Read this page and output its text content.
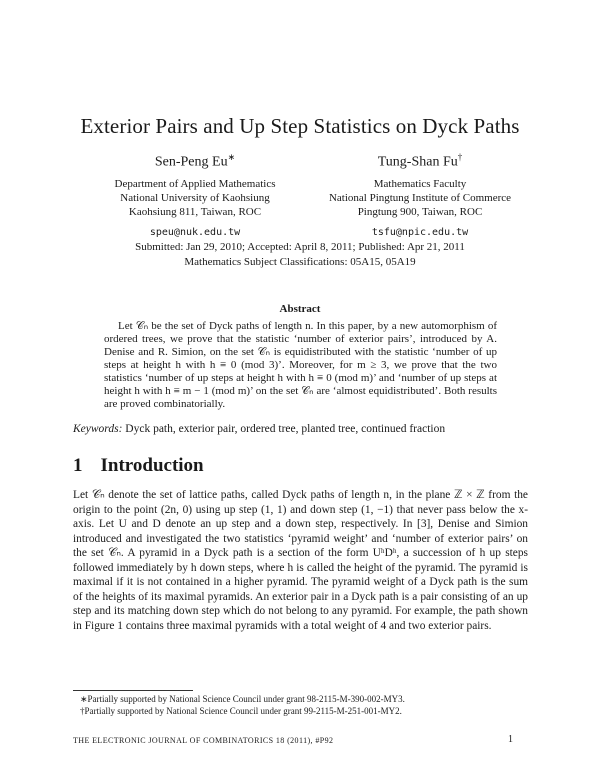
Exterior Pairs and Up Step Statistics on Dyck Paths
Sen-Peng Eu∗
Department of Applied Mathematics
National University of Kaohsiung
Kaohsiung 811, Taiwan, ROC
speu@nuk.edu.tw
Tung-Shan Fu†
Mathematics Faculty
National Pingtung Institute of Commerce
Pingtung 900, Taiwan, ROC
tsfu@npic.edu.tw
Submitted: Jan 29, 2010; Accepted: April 8, 2011; Published: Apr 21, 2011
Mathematics Subject Classifications: 05A15, 05A19
Abstract
Let 𝒞ₙ be the set of Dyck paths of length n. In this paper, by a new automorphism of ordered trees, we prove that the statistic ‘number of exterior pairs’, introduced by A. Denise and R. Simion, on the set 𝒞ₙ is equidistributed with the statistic ‘number of up steps at height h with h ≡ 0 (mod 3)’. Moreover, for m ≥ 3, we prove that the two statistics ‘number of up steps at height h with h ≡ 0 (mod m)’ and ‘number of up steps at height h with h ≡ m − 1 (mod m)’ on the set 𝒞ₙ are ‘almost equidistributed’. Both results are proved combinatorially.
Keywords: Dyck path, exterior pair, ordered tree, planted tree, continued fraction
1 Introduction
Let 𝒞ₙ denote the set of lattice paths, called Dyck paths of length n, in the plane ℤ × ℤ from the origin to the point (2n, 0) using up step (1, 1) and down step (1, −1) that never pass below the x-axis. Let U and D denote an up step and a down step, respectively. In [3], Denise and Simion introduced and investigated the two statistics ‘pyramid weight’ and ‘number of exterior pairs’ on the set 𝒞ₙ. A pyramid in a Dyck path is a section of the form UʰDʰ, a succession of h up steps followed immediately by h down steps, where h is called the height of the pyramid. The pyramid is maximal if it is not contained in a higher pyramid. The pyramid weight of a Dyck path is the sum of the heights of its maximal pyramids. An exterior pair in a Dyck path is a pair consisting of an up step and its matching down step which do not belong to any pyramid. For example, the path shown in Figure 1 contains three maximal pyramids with a total weight of 4 and two exterior pairs.
∗Partially supported by National Science Council under grant 98-2115-M-390-002-MY3.
†Partially supported by National Science Council under grant 99-2115-M-251-001-MY2.
THE ELECTRONIC JOURNAL OF COMBINATORICS 18 (2011), #P92	1
